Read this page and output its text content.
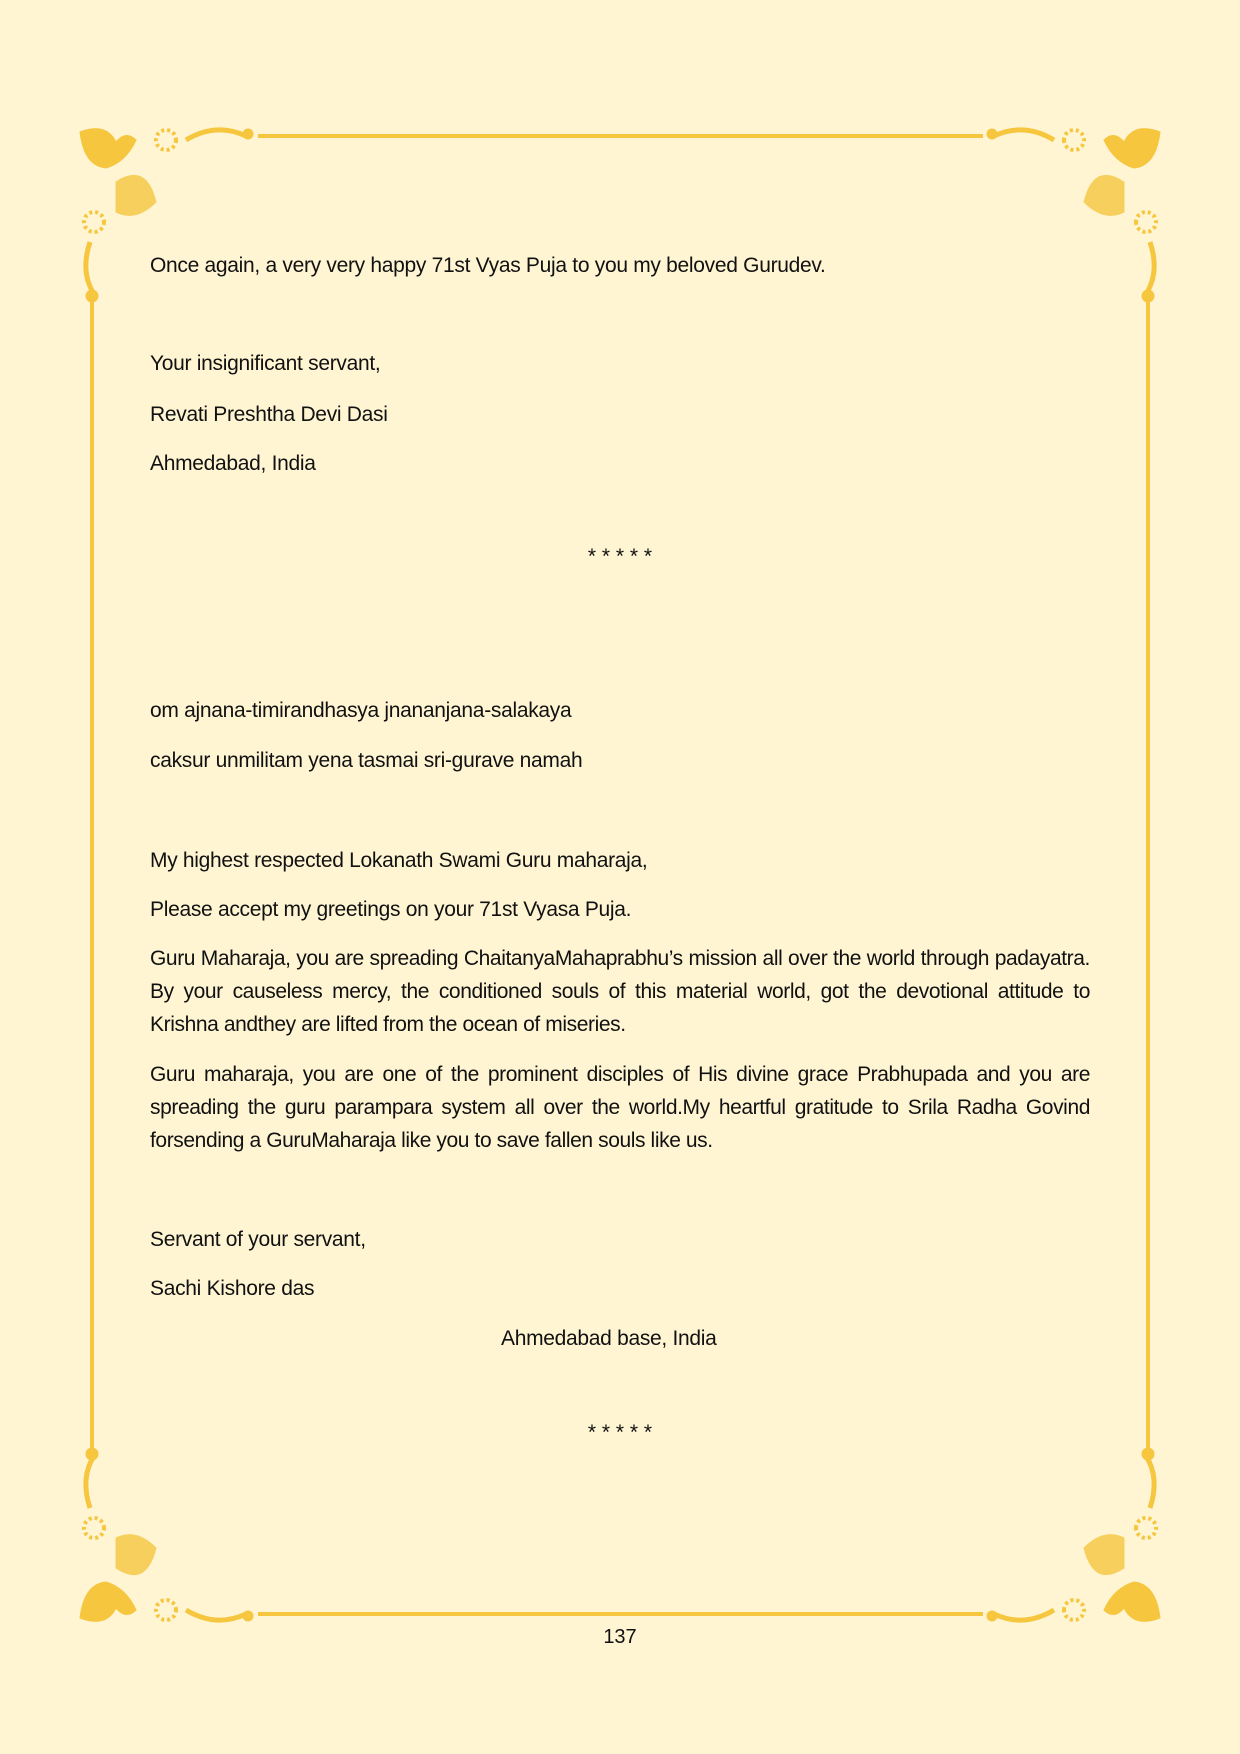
Once again, a very very happy 71st Vyas Puja to you my beloved Gurudev.
Your insignificant servant,
Revati Preshtha Devi Dasi
Ahmedabad, India
* * * * *
om ajnana-timirandhasya jnananjana-salakaya
caksur unmilitam yena tasmai sri-gurave namah
My highest respected Lokanath Swami Guru maharaja,
Please accept my greetings on your 71st Vyasa Puja.
Guru Maharaja, you are spreading ChaitanyaMahaprabhu’s mission all over the world through padayatra. By your causeless mercy, the conditioned souls of this material world, got the devotional attitude to Krishna andthey are lifted from the ocean of miseries.
Guru maharaja, you are one of the prominent disciples of His divine grace Prabhupada and you are spreading the guru parampara system all over the world.My heartful gratitude to Srila Radha Govind forsending a GuruMaharaja like you to save fallen souls like us.
Servant of your servant,
Sachi Kishore das
Ahmedabad base, India
* * * * *
137
